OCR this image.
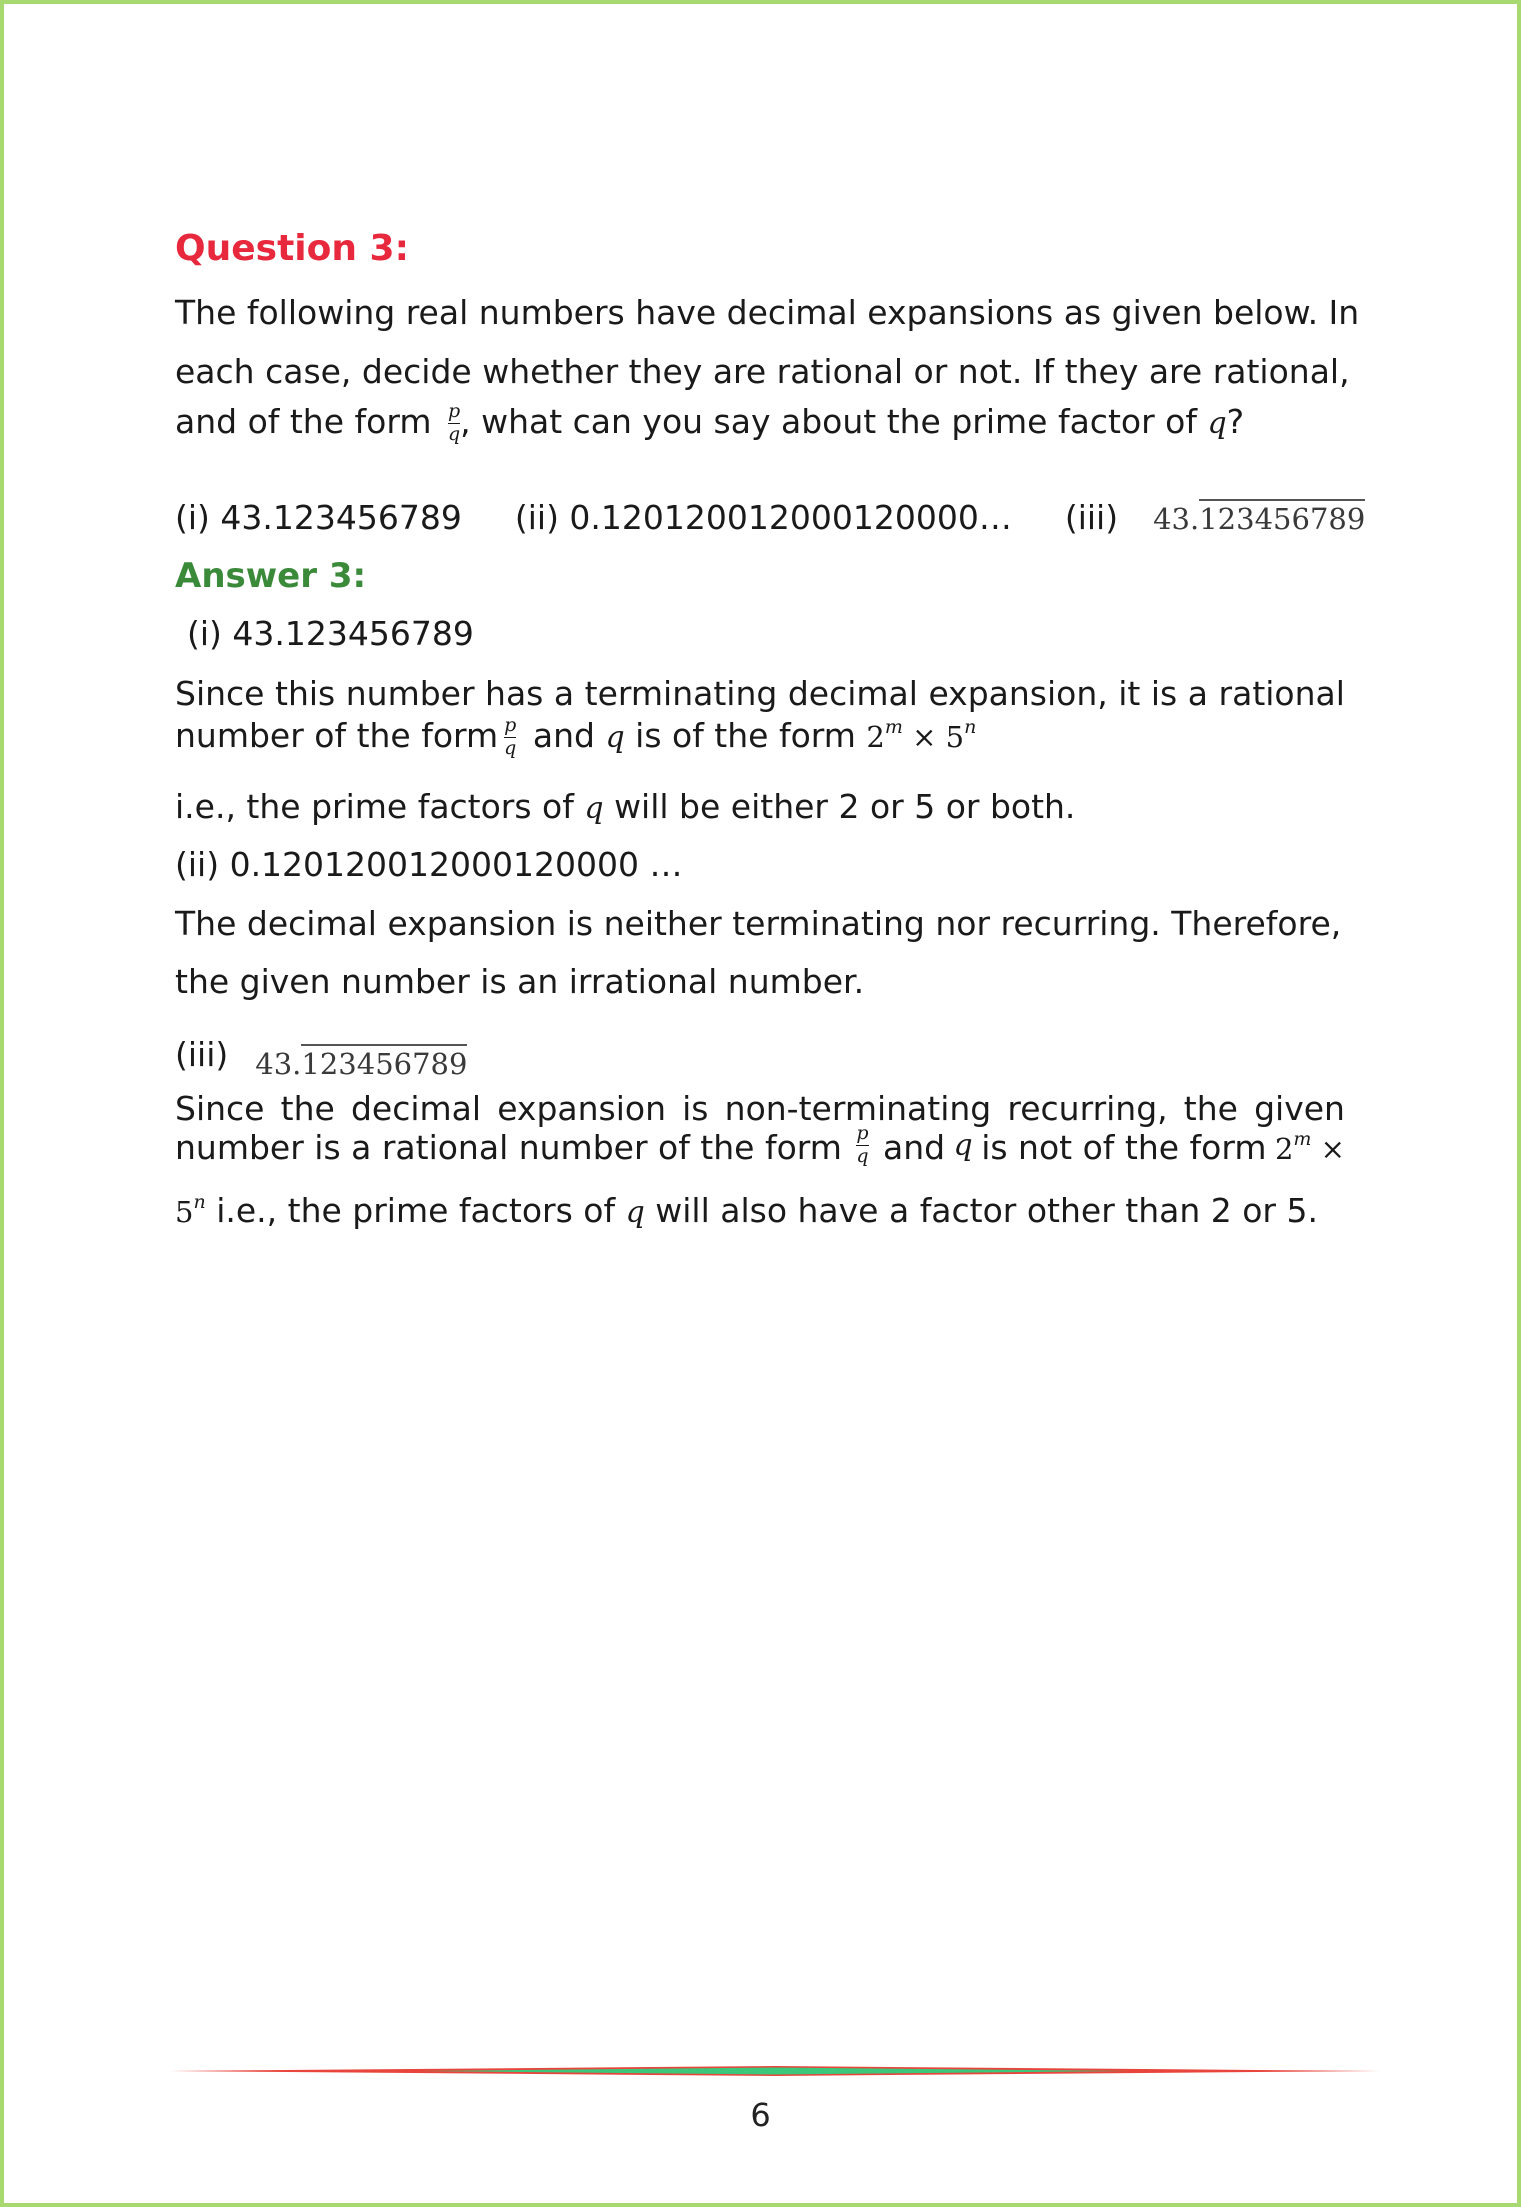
Question 3:
The following real numbers have decimal expansions as given below. In
each case, decide whether they are rational or not. If they are rational,
and of the form $\frac{p}{q}$ , what can you say about the prime factor of q?
(i) 43.123456789 (ii) 0.120120012000120000… (iii) 43.123456789
Answer 3:
(i) 43.123456789
Since this number has a terminating decimal expansion, it is a rational
number of the form $\frac{p}{q}$ and q is of the form $2^m \times 5^n$
i.e., the prime factors of q will be either 2 or 5 or both.
(ii) 0.120120012000120000 …
The decimal expansion is neither terminating nor recurring. Therefore,
the given number is an irrational number.
(iii) 43.123456789
Since the decimal expansion is non-terminating recurring, the given
number is a rational number of the form $\frac{p}{q}$ and q is not of the form $2^m$ ×
$5^n$ i.e., the prime factors of q will also have a factor other than 2 or 5.
6
